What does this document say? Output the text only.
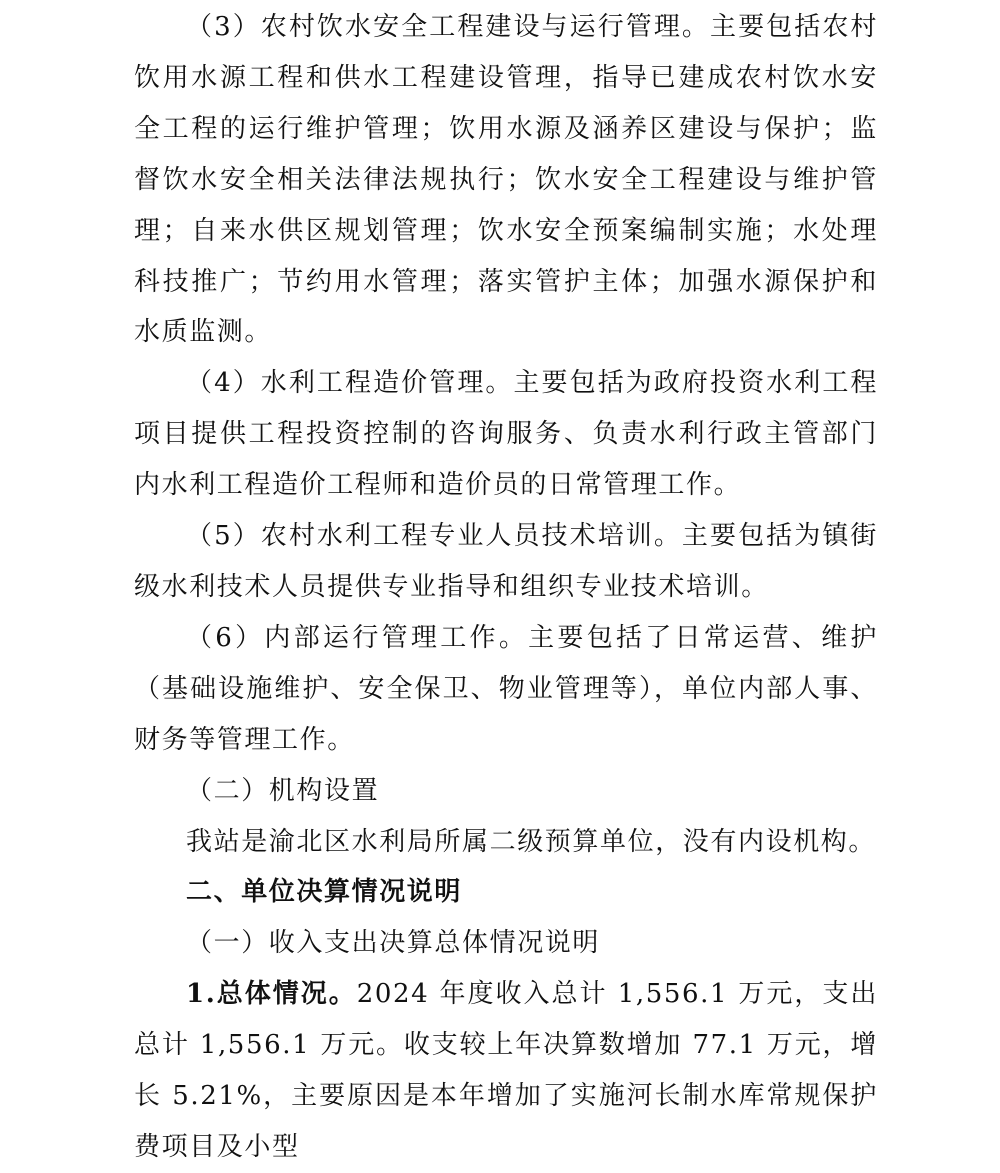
（3）农村饮水安全工程建设与运行管理。主要包括农村饮用水源工程和供水工程建设管理，指导已建成农村饮水安全工程的运行维护管理；饮用水源及涵养区建设与保护；监督饮水安全相关法律法规执行；饮水安全工程建设与维护管理；自来水供区规划管理；饮水安全预案编制实施；水处理科技推广；节约用水管理；落实管护主体；加强水源保护和水质监测。

（4）水利工程造价管理。主要包括为政府投资水利工程项目提供工程投资控制的咨询服务、负责水利行政主管部门内水利工程造价工程师和造价员的日常管理工作。

（5）农村水利工程专业人员技术培训。主要包括为镇街级水利技术人员提供专业指导和组织专业技术培训。

（6）内部运行管理工作。主要包括了日常运营、维护（基础设施维护、安全保卫、物业管理等），单位内部人事、财务等管理工作。

（二）机构设置

我站是渝北区水利局所属二级预算单位，没有内设机构。

二、单位决算情况说明

（一）收入支出决算总体情况说明

1.总体情况。2024 年度收入总计 1,556.1 万元，支出总计 1,556.1 万元。收支较上年决算数增加 77.1 万元，增长 5.21%，主要原因是本年增加了实施河长制水库常规保护费项目及小型
